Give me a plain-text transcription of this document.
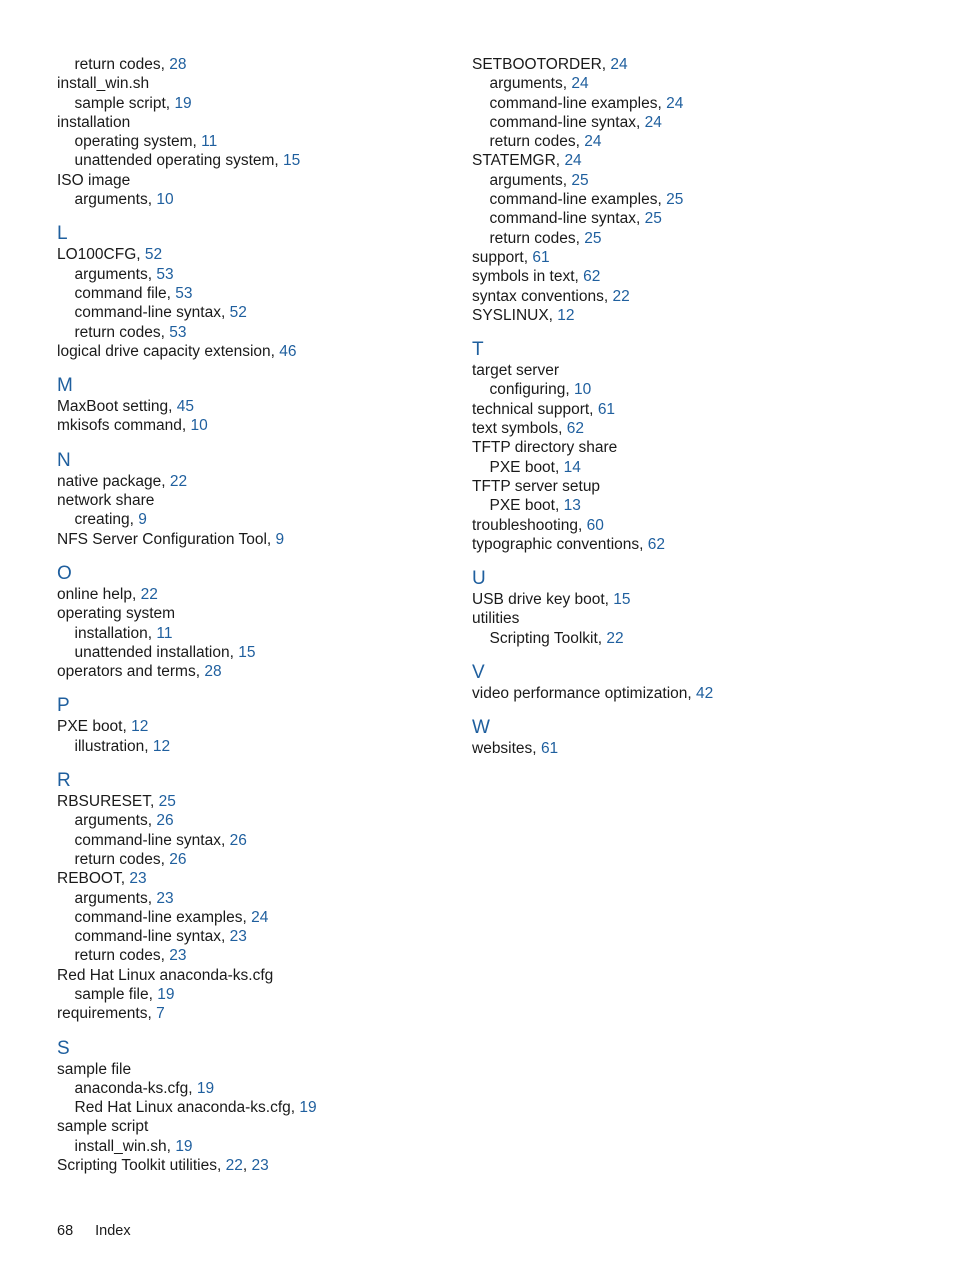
return codes, 28
install_win.sh
sample script, 19
installation
operating system, 11
unattended operating system, 15
ISO image
arguments, 10
L
LO100CFG, 52
arguments, 53
command file, 53
command-line syntax, 52
return codes, 53
logical drive capacity extension, 46
M
MaxBoot setting, 45
mkisofs command, 10
N
native package, 22
network share
creating, 9
NFS Server Configuration Tool, 9
O
online help, 22
operating system
installation, 11
unattended installation, 15
operators and terms, 28
P
PXE boot, 12
illustration, 12
R
RBSURESET, 25
arguments, 26
command-line syntax, 26
return codes, 26
REBOOT, 23
arguments, 23
command-line examples, 24
command-line syntax, 23
return codes, 23
Red Hat Linux anaconda-ks.cfg
sample file, 19
requirements, 7
S
sample file
anaconda-ks.cfg, 19
Red Hat Linux anaconda-ks.cfg, 19
sample script
install_win.sh, 19
Scripting Toolkit utilities, 22, 23
SETBOOTORDER, 24
arguments, 24
command-line examples, 24
command-line syntax, 24
return codes, 24
STATEMGR, 24
arguments, 25
command-line examples, 25
command-line syntax, 25
return codes, 25
support, 61
symbols in text, 62
syntax conventions, 22
SYSLINUX, 12
T
target server
configuring, 10
technical support, 61
text symbols, 62
TFTP directory share
PXE boot, 14
TFTP server setup
PXE boot, 13
troubleshooting, 60
typographic conventions, 62
U
USB drive key boot, 15
utilities
Scripting Toolkit, 22
V
video performance optimization, 42
W
websites, 61
68 Index
